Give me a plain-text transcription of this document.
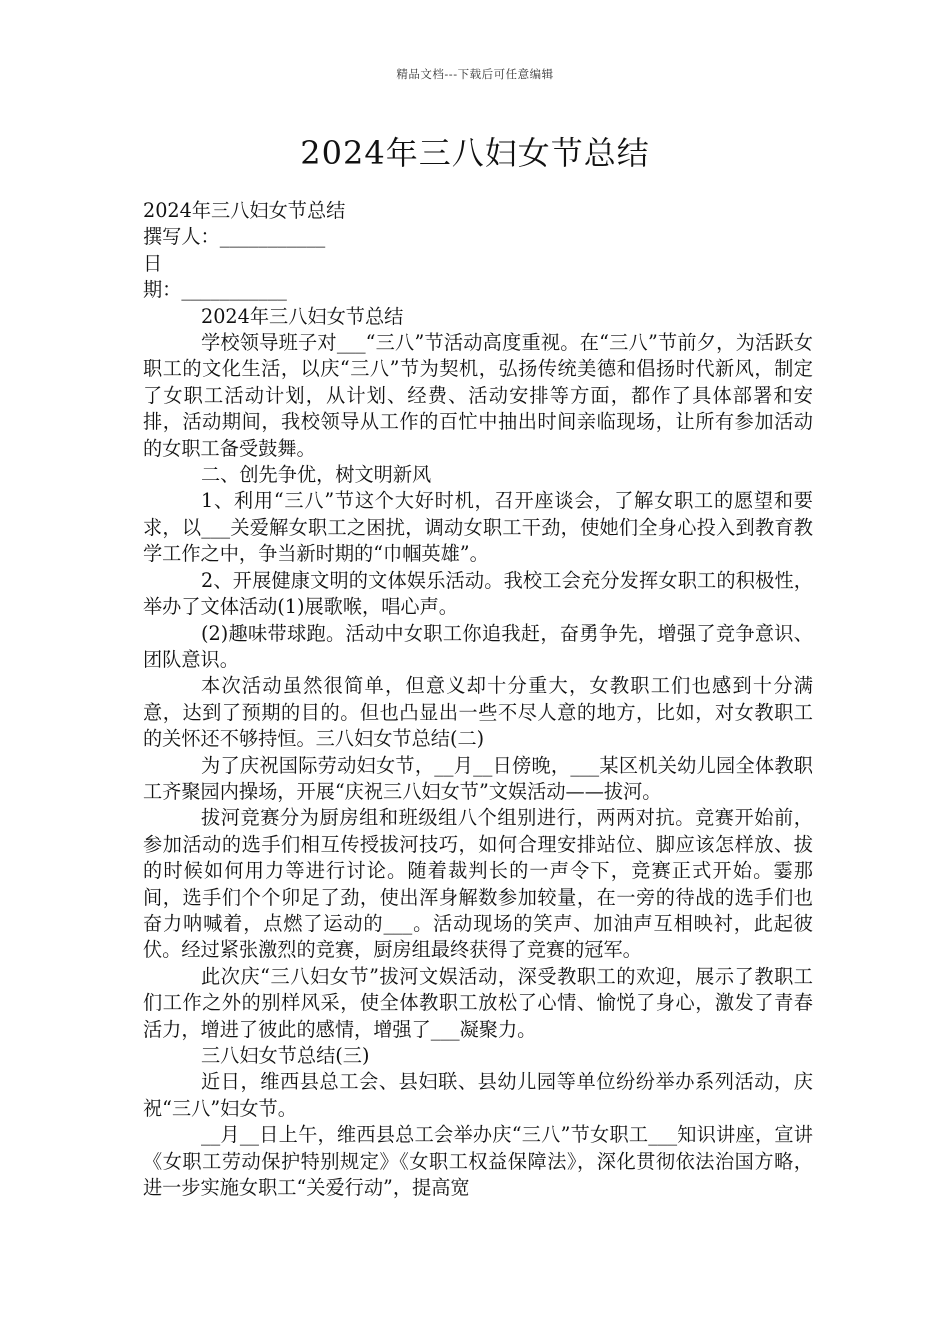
精品文档---下载后可任意编辑
2024年三八妇女节总结

2024年三八妇女节总结

撰写人：___________

日

期：___________

2024年三八妇女节总结

学校领导班子对___“三八”节活动高度重视。在“三八”节前夕，为活跃女职工的文化生活，以庆“三八”节为契机，弘扬传统美德和倡扬时代新风，制定了女职工活动计划，从计划、经费、活动安排等方面，都作了具体部署和安排，活动期间，我校领导从工作的百忙中抽出时间亲临现场，让所有参加活动的女职工备受鼓舞。

二、创先争优，树文明新风

1、利用“三八”节这个大好时机，召开座谈会，了解女职工的愿望和要求，以___关爱解女职工之困扰，调动女职工干劲，使她们全身心投入到教育教学工作之中，争当新时期的“巾帼英雄”。

2、开展健康文明的文体娱乐活动。我校工会充分发挥女职工的积极性，举办了文体活动(1)展歌喉，唱心声。

(2)趣味带球跑。活动中女职工你追我赶，奋勇争先，增强了竞争意识、团队意识。

本次活动虽然很简单，但意义却十分重大，女教职工们也感到十分满意，达到了预期的目的。但也凸显出一些不尽人意的地方，比如，对女教职工的关怀还不够持恒。三八妇女节总结(二)

为了庆祝国际劳动妇女节，__月__日傍晚，___某区机关幼儿园全体教职工齐聚园内操场，开展“庆祝三八妇女节”文娱活动——拔河。

拔河竞赛分为厨房组和班级组八个组别进行，两两对抗。竞赛开始前，参加活动的选手们相互传授拔河技巧，如何合理安排站位、脚应该怎样放、拔的时候如何用力等进行讨论。随着裁判长的一声令下，竞赛正式开始。霎那间，选手们个个卯足了劲，使出浑身解数参加较量，在一旁的待战的选手们也奋力呐喊着，点燃了运动的___。活动现场的笑声、加油声互相映衬，此起彼伏。经过紧张激烈的竞赛，厨房组最终获得了竞赛的冠军。

此次庆“三八妇女节”拔河文娱活动，深受教职工的欢迎，展示了教职工们工作之外的别样风采，使全体教职工放松了心情、愉悦了身心，激发了青春活力，增进了彼此的感情，增强了___凝聚力。

三八妇女节总结(三)

近日，维西县总工会、县妇联、县幼儿园等单位纷纷举办系列活动，庆祝“三八”妇女节。

__月__日上午，维西县总工会举办庆“三八”节女职工___知识讲座，宣讲《女职工劳动保护特别规定》《女职工权益保障法》，深化贯彻依法治国方略，进一步实施女职工“关爱行动”，提高宽
